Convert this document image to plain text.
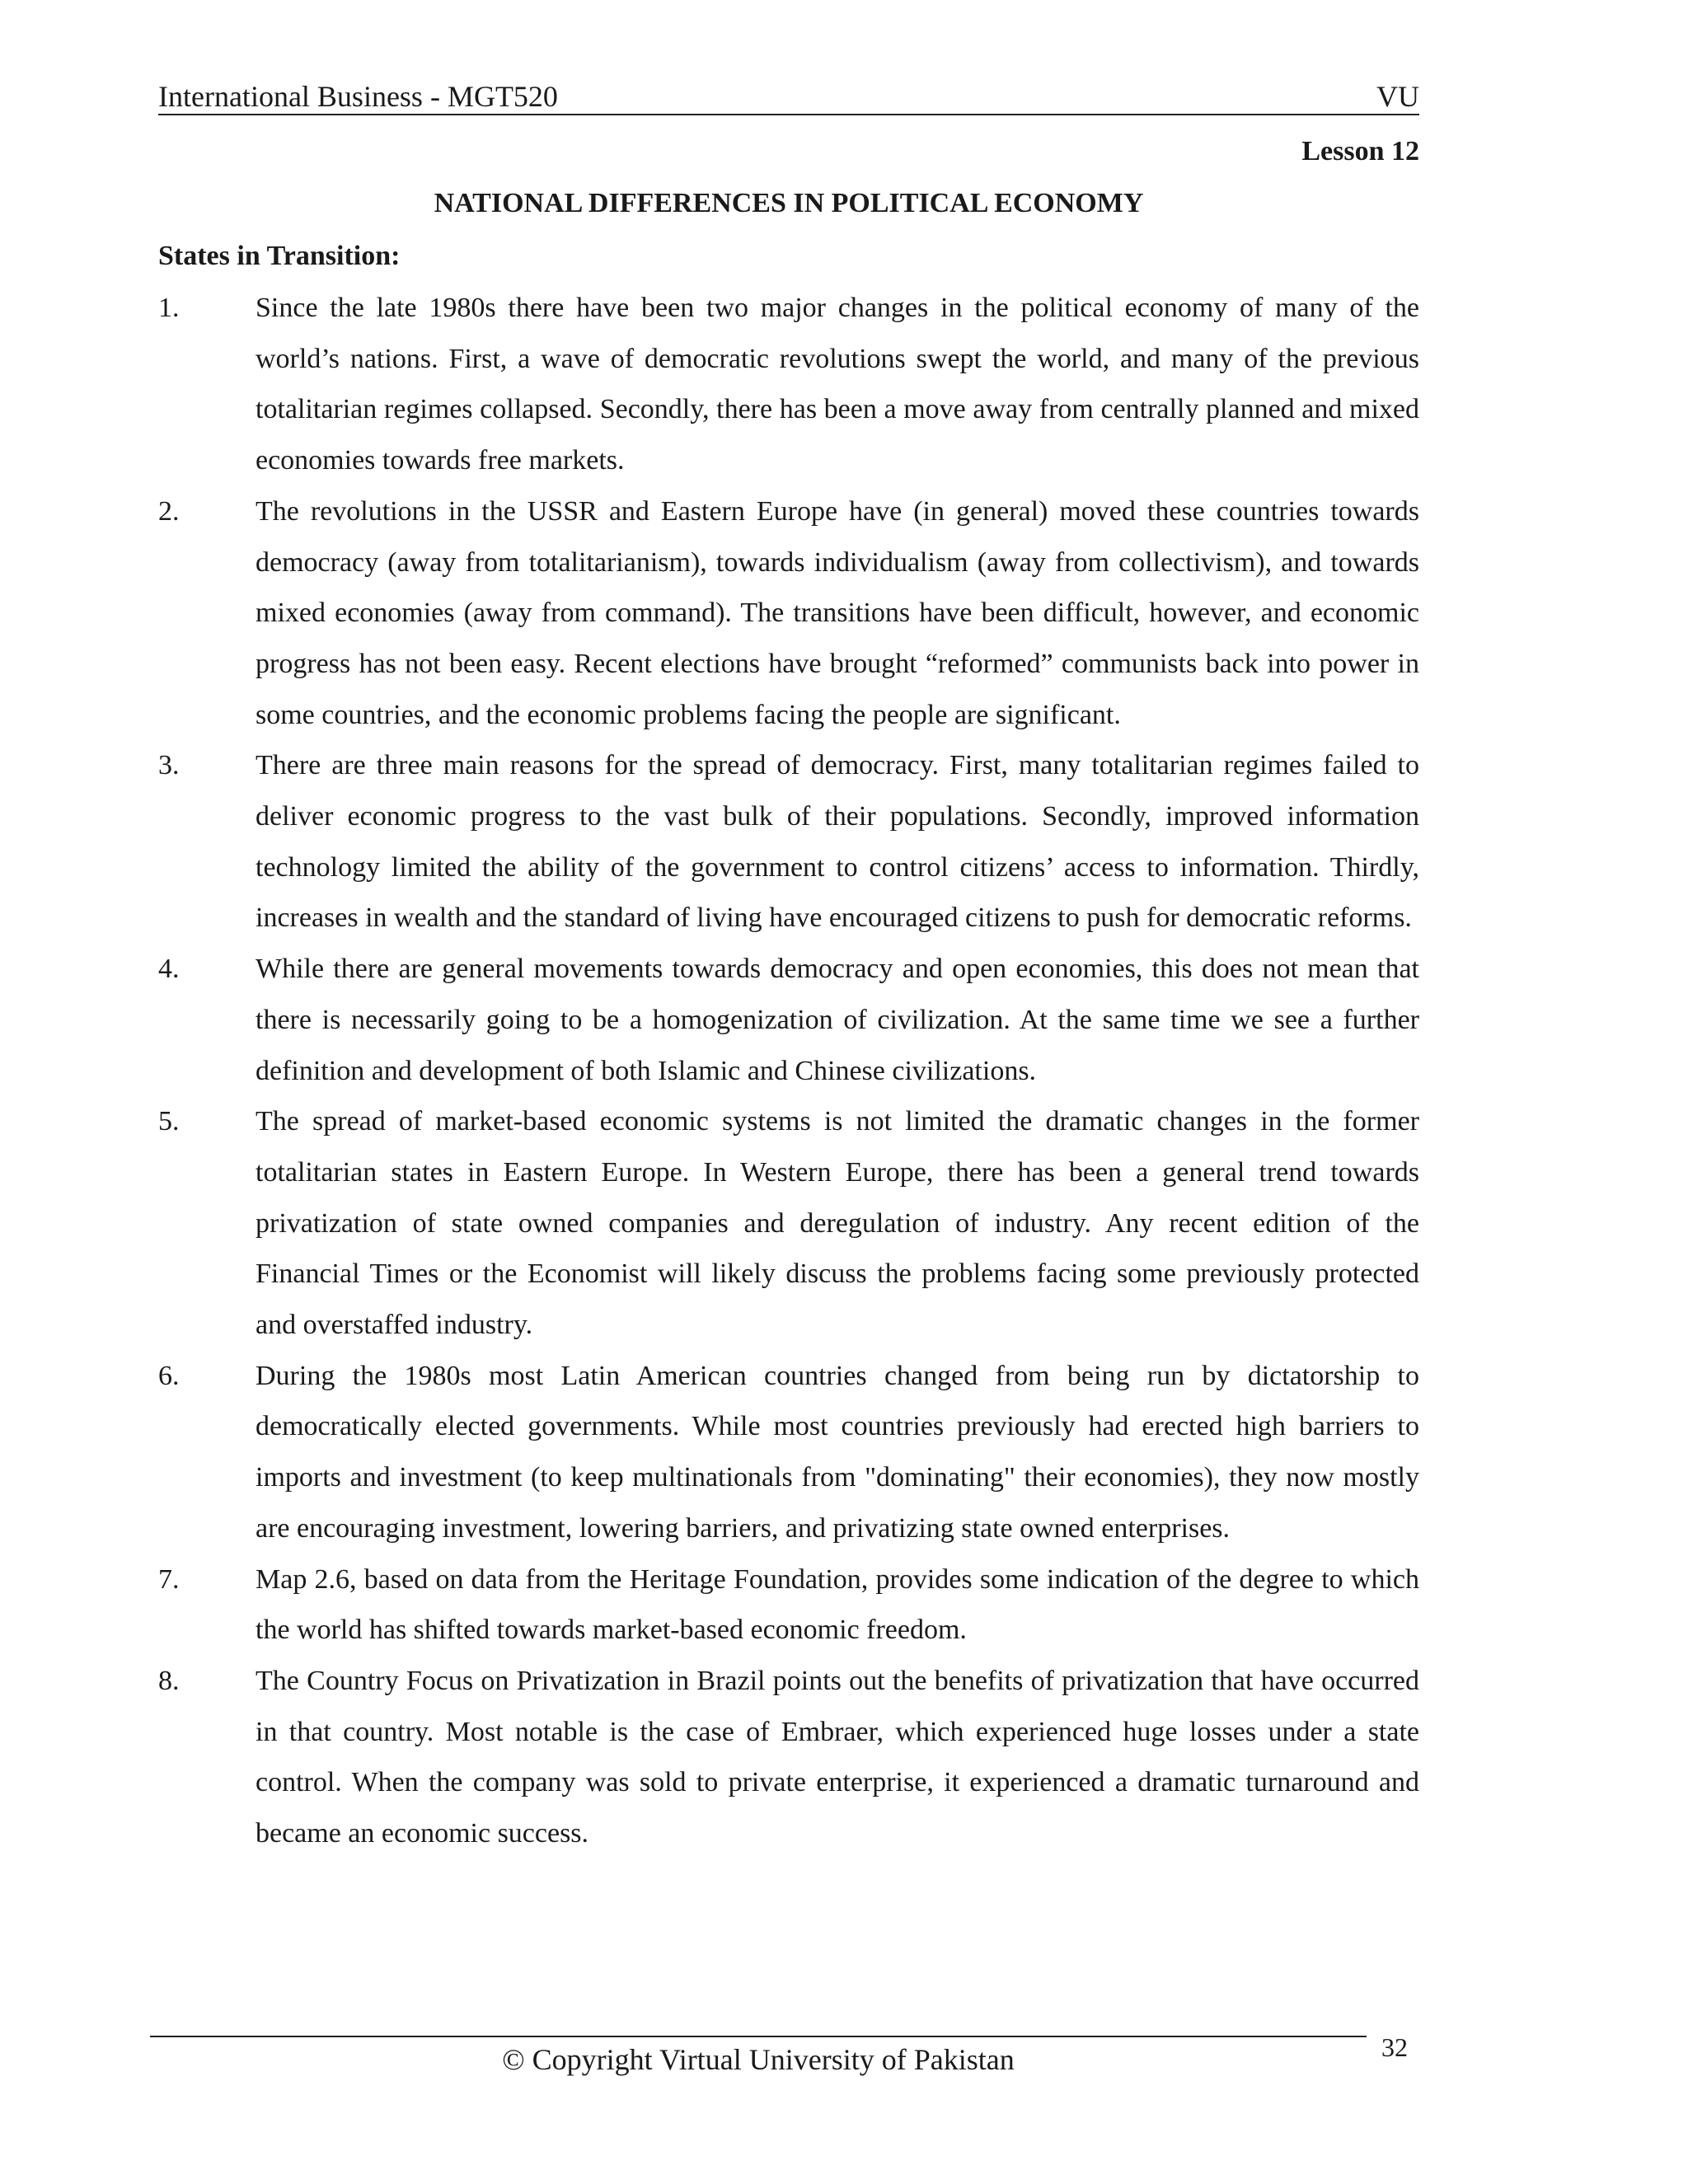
International Business - MGT520	VU
Lesson 12
NATIONAL DIFFERENCES IN POLITICAL ECONOMY
States in Transition:
1.	Since the late 1980s there have been two major changes in the political economy of many of the world’s nations. First, a wave of democratic revolutions swept the world, and many of the previous totalitarian regimes collapsed. Secondly, there has been a move away from centrally planned and mixed economies towards free markets.
2.	The revolutions in the USSR and Eastern Europe have (in general) moved these countries towards democracy (away from totalitarianism), towards individualism (away from collectivism), and towards mixed economies (away from command). The transitions have been difficult, however, and economic progress has not been easy. Recent elections have brought “reformed” communists back into power in some countries, and the economic problems facing the people are significant.
3.	There are three main reasons for the spread of democracy. First, many totalitarian regimes failed to deliver economic progress to the vast bulk of their populations. Secondly, improved information technology limited the ability of the government to control citizens’ access to information. Thirdly, increases in wealth and the standard of living have encouraged citizens to push for democratic reforms.
4.	While there are general movements towards democracy and open economies, this does not mean that there is necessarily going to be a homogenization of civilization. At the same time we see a further definition and development of both Islamic and Chinese civilizations.
5.	The spread of market-based economic systems is not limited the dramatic changes in the former totalitarian states in Eastern Europe. In Western Europe, there has been a general trend towards privatization of state owned companies and deregulation of industry. Any recent edition of the Financial Times or the Economist will likely discuss the problems facing some previously protected and overstaffed industry.
6.	During the 1980s most Latin American countries changed from being run by dictatorship to democratically elected governments. While most countries previously had erected high barriers to imports and investment (to keep multinationals from "dominating" their economies), they now mostly are encouraging investment, lowering barriers, and privatizing state owned enterprises.
7.	Map 2.6, based on data from the Heritage Foundation, provides some indication of the degree to which the world has shifted towards market-based economic freedom.
8.	The Country Focus on Privatization in Brazil points out the benefits of privatization that have occurred in that country. Most notable is the case of Embraer, which experienced huge losses under a state control. When the company was sold to private enterprise, it experienced a dramatic turnaround and became an economic success.
© Copyright Virtual University of Pakistan	32
